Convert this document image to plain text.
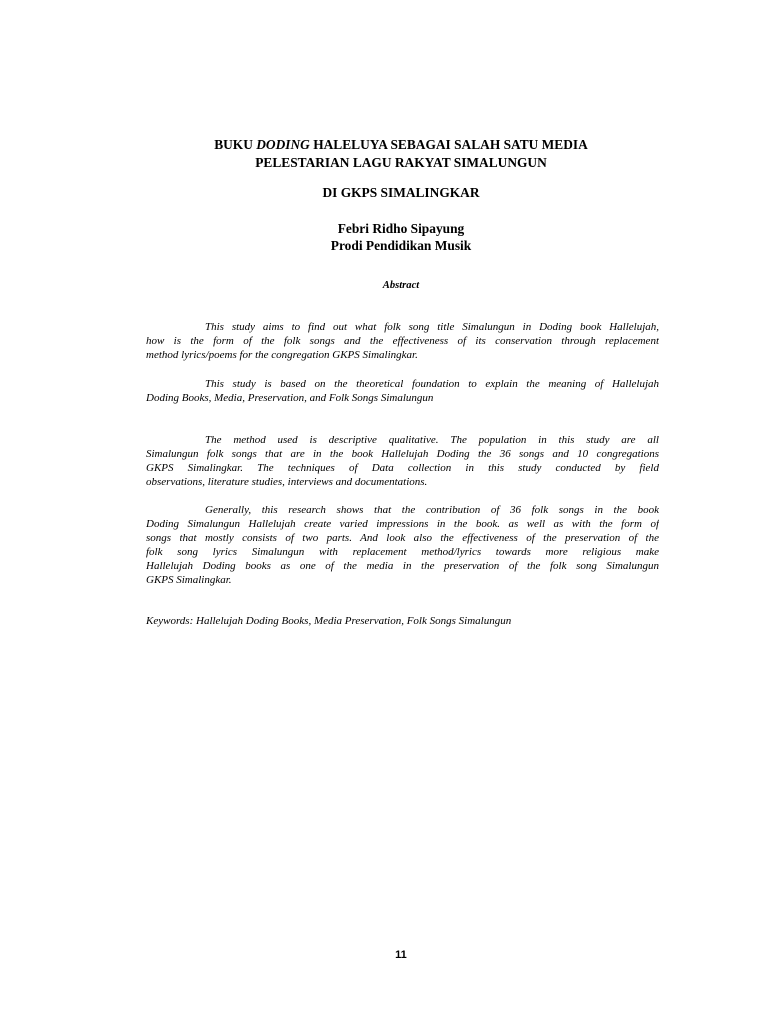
BUKU DODING HALELUYA SEBAGAI SALAH SATU MEDIA
PELESTARIAN LAGU RAKYAT SIMALUNGUN
DI GKPS SIMALINGKAR
Febri Ridho Sipayung
Prodi Pendidikan Musik
Abstract
This study aims to find out what folk song title Simalungun in Doding book Hallelujah,
how is the form of the folk songs and the effectiveness of its conservation through replacement
method lyrics/poems for the congregation GKPS Simalingkar.
This study is based on the theoretical foundation to explain the meaning of Hallelujah
Doding Books, Media, Preservation, and Folk Songs Simalungun
The method used is descriptive qualitative. The population in this study are all
Simalungun folk songs that are in the book Hallelujah Doding the 36 songs and 10 congregations
GKPS Simalingkar. The techniques of Data collection in this study conducted by field
observations, literature studies, interviews and documentations.
Generally, this research shows that the contribution of 36 folk songs in the book
Doding Simalungun Hallelujah create varied impressions in the book. as well as with the form of
songs that mostly consists of two parts. And look also the effectiveness of the preservation of the
folk song lyrics Simalungun with replacement method/lyrics towards more religious make
Hallelujah Doding books as one of the media in the preservation of the folk song Simalungun
GKPS Simalingkar.
Keywords: Hallelujah Doding Books, Media Preservation, Folk Songs Simalungun
11
